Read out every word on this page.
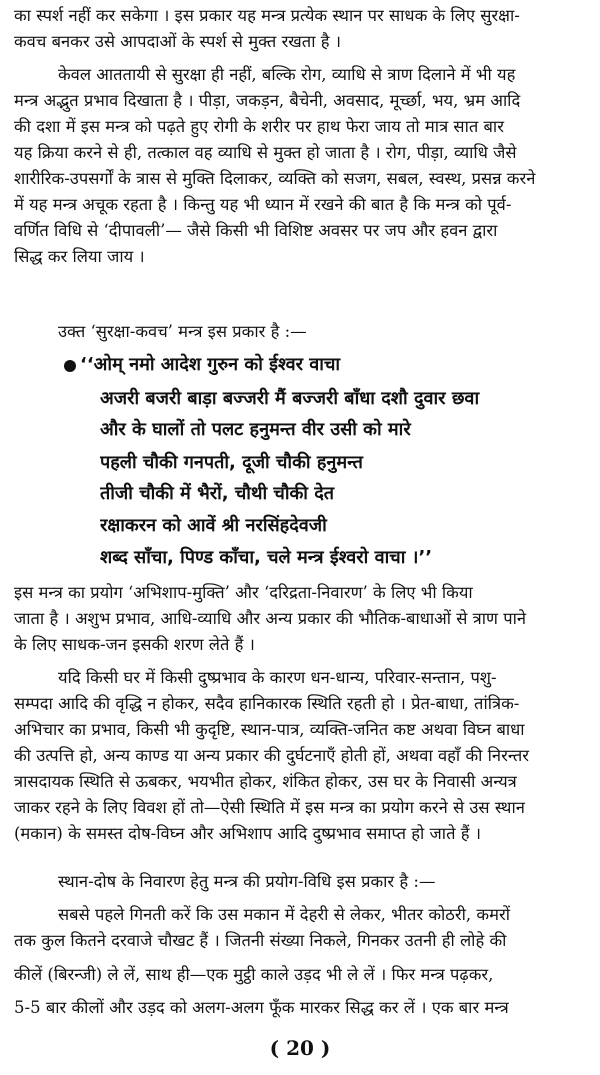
का स्पर्श नहीं कर सकेगा । इस प्रकार यह मन्त्र प्रत्येक स्थान पर साधक के लिए सुरक्षा-
कवच बनकर उसे आपदाओं के स्पर्श से मुक्त रखता है ।
केवल आततायी से सुरक्षा ही नहीं, बल्कि रोग, व्याधि से त्राण दिलाने में भी यह
मन्त्र अद्भुत प्रभाव दिखाता है । पीड़ा, जकड़न, बैचेनी, अवसाद, मूर्च्छा, भय, भ्रम आदि
की दशा में इस मन्त्र को पढ़ते हुए रोगी के शरीर पर हाथ फेरा जाय तो मात्र सात बार
यह क्रिया करने से ही, तत्काल वह व्याधि से मुक्त हो जाता है । रोग, पीड़ा, व्याधि जैसे
शारीरिक-उपसर्गों के त्रास से मुक्ति दिलाकर, व्यक्ति को सजग, सबल, स्वस्थ, प्रसन्न करने
में यह मन्त्र अचूक रहता है । किन्तु यह भी ध्यान में रखने की बात है कि मन्त्र को पूर्व-
वर्णित विधि से ‘दीपावली’— जैसे किसी भी विशिष्ट अवसर पर जप और हवन द्वारा
सिद्ध कर लिया जाय ।
उक्त ‘सुरक्षा-कवच’ मन्त्र इस प्रकार है :—
‘‘ओम् नमो आदेश गुरुन को ईश्वर वाचा
अजरी बजरी बाड़ा बज्जरी मैं बज्जरी बाँधा दशौ दुवार छवा
और के घालों तो पलट हनुमन्त वीर उसी को मारे
पहली चौकी गनपती, दूजी चौकी हनुमन्त
तीजी चौकी में भैरों, चौथी चौकी देत
रक्षाकरन को आवें श्री नरसिंहदेवजी
शब्द साँचा, पिण्ड काँचा, चले मन्त्र ईश्वरो वाचा ।’’
इस मन्त्र का प्रयोग ‘अभिशाप-मुक्ति’ और ‘दरिद्रता-निवारण’ के लिए भी किया
जाता है । अशुभ प्रभाव, आधि-व्याधि और अन्य प्रकार की भौतिक-बाधाओं से त्राण पाने
के लिए साधक-जन इसकी शरण लेते हैं ।
यदि किसी घर में किसी दुष्प्रभाव के कारण धन-धान्य, परिवार-सन्तान, पशु-
सम्पदा आदि की वृद्धि न होकर, सदैव हानिकारक स्थिति रहती हो । प्रेत-बाधा, तांत्रिक-
अभिचार का प्रभाव, किसी भी कुदृष्टि, स्थान-पात्र, व्यक्ति-जनित कष्ट अथवा विघ्न बाधा
की उत्पत्ति हो, अन्य काण्ड या अन्य प्रकार की दुर्घटनाएँ होती हों, अथवा वहाँ की निरन्तर
त्रासदायक स्थिति से ऊबकर, भयभीत होकर, शंकित होकर, उस घर के निवासी अन्यत्र
जाकर रहने के लिए विवश हों तो—ऐसी स्थिति में इस मन्त्र का प्रयोग करने से उस स्थान
(मकान) के समस्त दोष-विघ्न और अभिशाप आदि दुष्प्रभाव समाप्त हो जाते हैं ।
स्थान-दोष के निवारण हेतु मन्त्र की प्रयोग-विधि इस प्रकार है :—
सबसे पहले गिनती करें कि उस मकान में देहरी से लेकर, भीतर कोठरी, कमरों
तक कुल कितने दरवाजे चौखट हैं । जितनी संख्या निकले, गिनकर उतनी ही लोहे की
कीलें (बिरन्जी) ले लें, साथ ही—एक मुट्ठी काले उड़द भी ले लें । फिर मन्त्र पढ़कर,
5-5 बार कीलों और उड़द को अलग-अलग फूँक मारकर सिद्ध कर लें । एक बार मन्त्र
( 20 )
